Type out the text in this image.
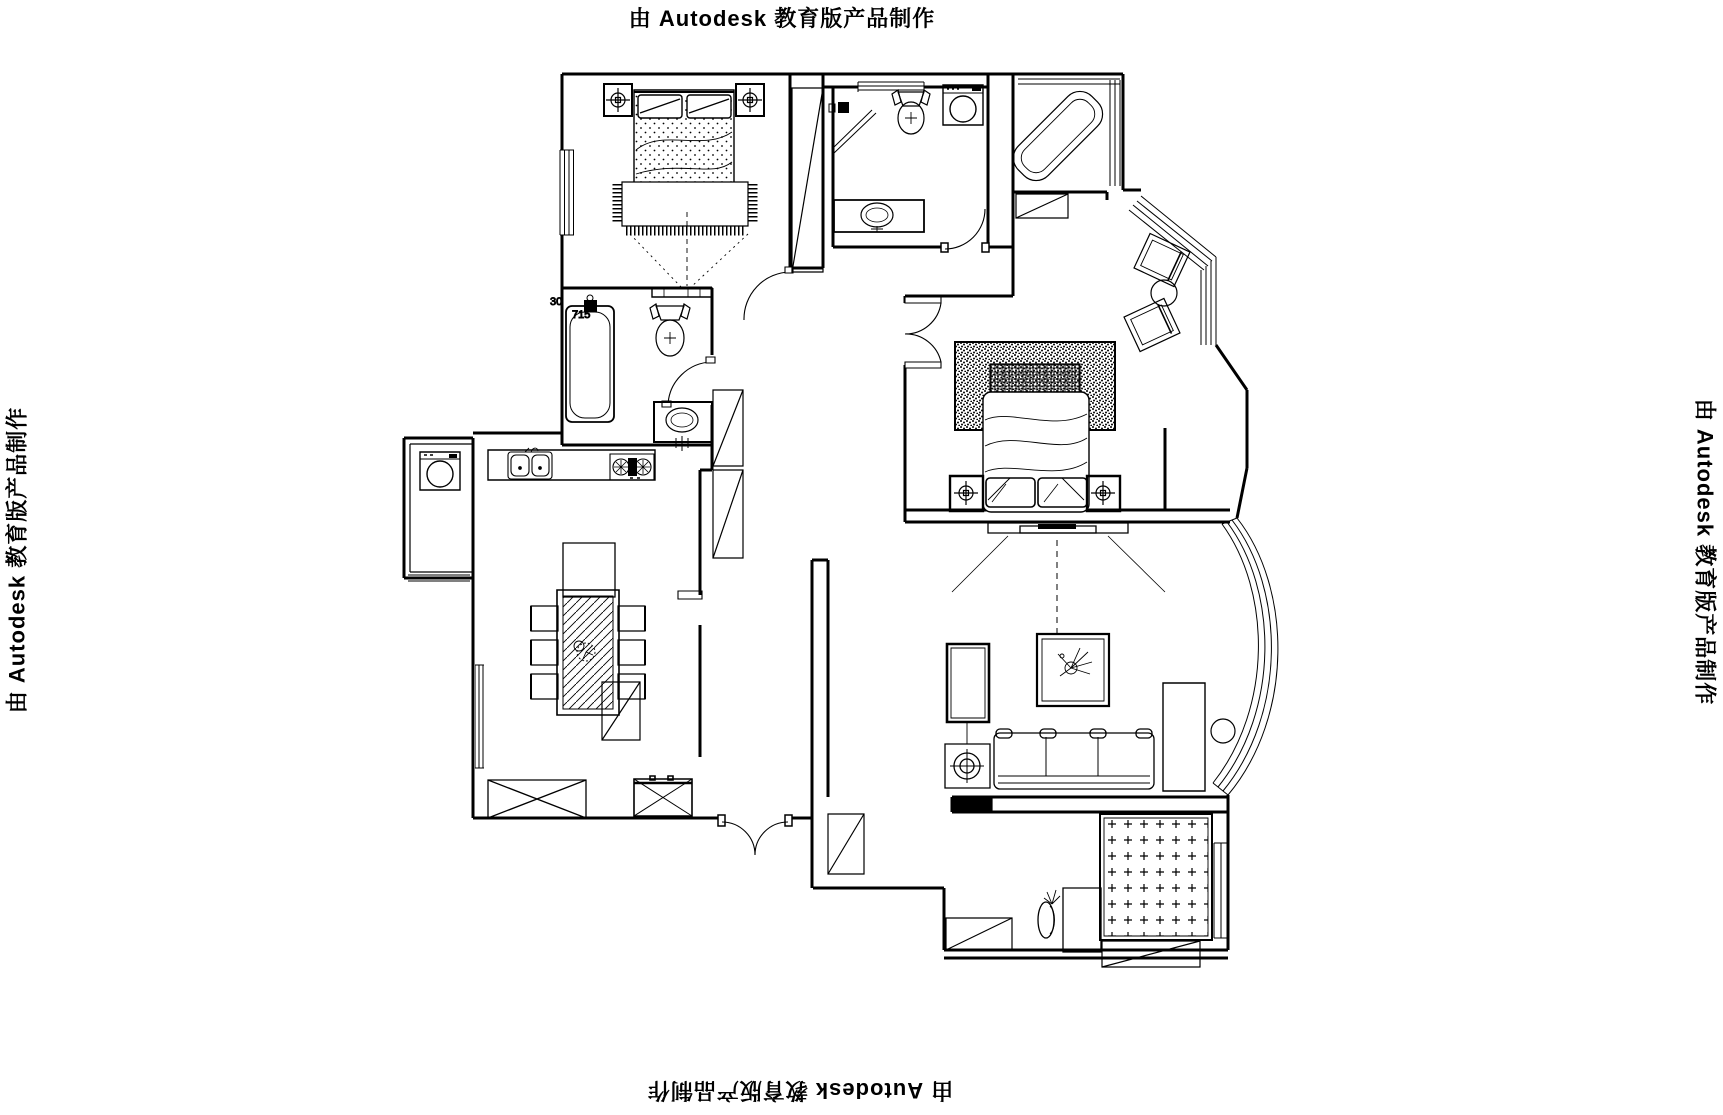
由 Autodesk 教育版产品制作
由 Autodesk 教育版产品制作
由 Autodesk 教育版产品制作	由 Autodesk 教育版产品制作
30
715
